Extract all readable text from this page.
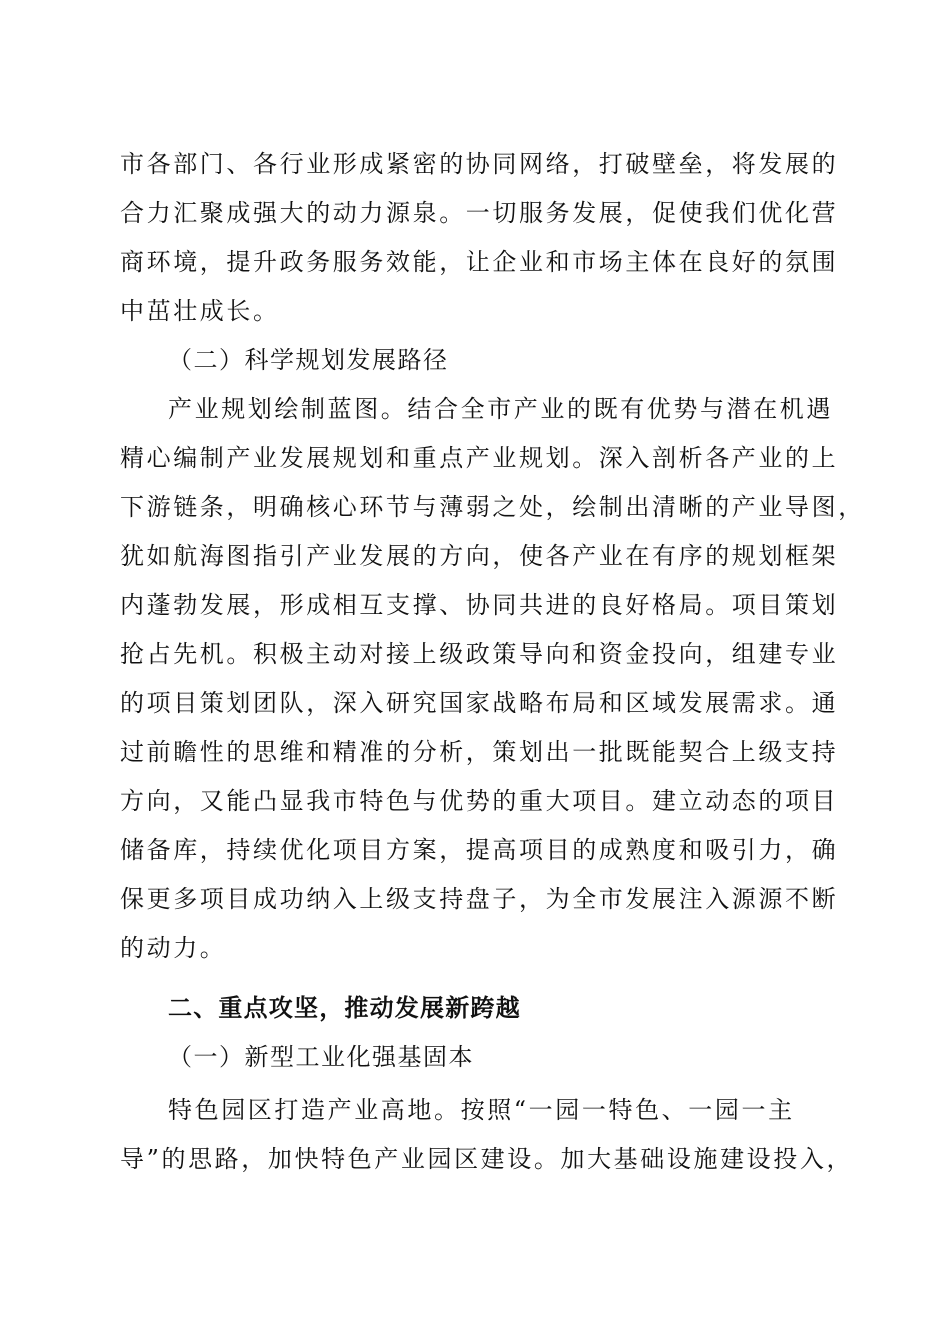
市各部门、各行业形成紧密的协同网络，打破壁垒，将发展的
合力汇聚成强大的动力源泉。一切服务发展，促使我们优化营
商环境，提升政务服务效能，让企业和市场主体在良好的氛围
中茁壮成长。
（二）科学规划发展路径
产业规划绘制蓝图。结合全市产业的既有优势与潜在机遇
精心编制产业发展规划和重点产业规划。深入剖析各产业的上
下游链条，明确核心环节与薄弱之处，绘制出清晰的产业导图，
犹如航海图指引产业发展的方向，使各产业在有序的规划框架
内蓬勃发展，形成相互支撑、协同共进的良好格局。项目策划
抢占先机。积极主动对接上级政策导向和资金投向，组建专业
的项目策划团队，深入研究国家战略布局和区域发展需求。通
过前瞻性的思维和精准的分析，策划出一批既能契合上级支持
方向，又能凸显我市特色与优势的重大项目。建立动态的项目
储备库，持续优化项目方案，提高项目的成熟度和吸引力，确
保更多项目成功纳入上级支持盘子，为全市发展注入源源不断
的动力。
二、重点攻坚，推动发展新跨越
（一）新型工业化强基固本
特色园区打造产业高地。按照“一园一特色、一园一主
导”的思路，加快特色产业园区建设。加大基础设施建设投入，
